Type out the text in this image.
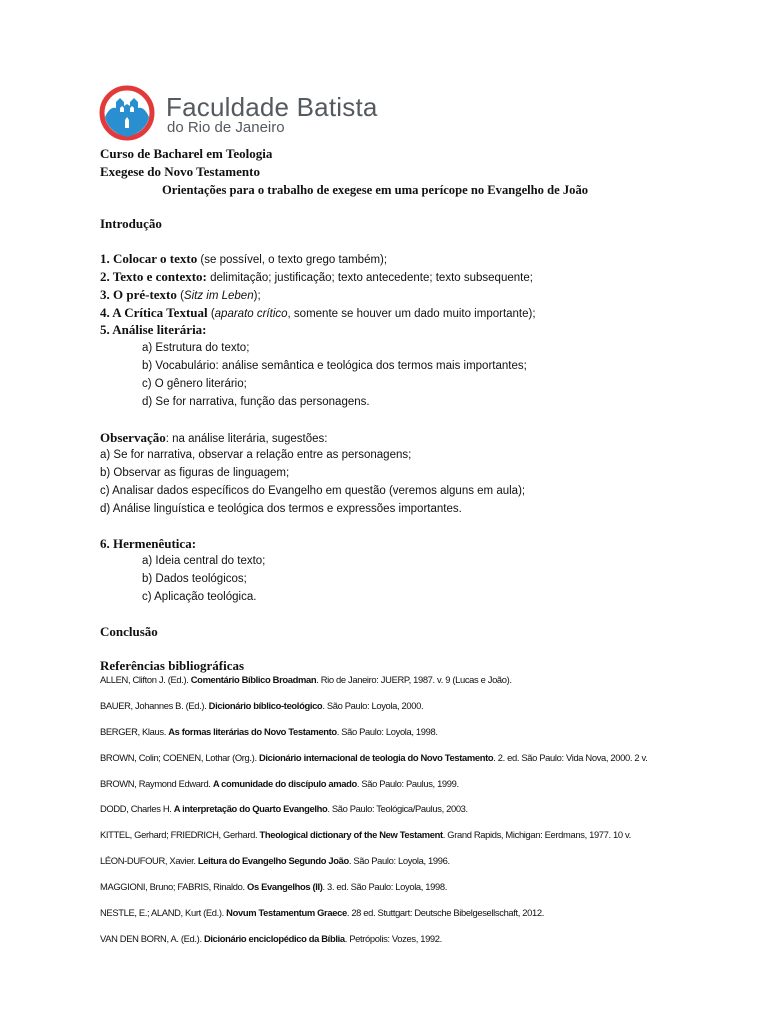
Faculdade Batista
do Rio de Janeiro
Curso de Bacharel em Teologia
Exegese do Novo Testamento
Orientações para o trabalho de exegese em uma perícope no Evangelho de João
Introdução
1. Colocar o texto (se possível, o texto grego também);
2. Texto e contexto: delimitação; justificação; texto antecedente; texto subsequente;
3. O pré-texto (Sitz im Leben);
4. A Crítica Textual (aparato crítico, somente se houver um dado muito importante);
5. Análise literária:
a) Estrutura do texto;
b) Vocabulário: análise semântica e teológica dos termos mais importantes;
c) O gênero literário;
d) Se for narrativa, função das personagens.
Observação: na análise literária, sugestões:
a) Se for narrativa, observar a relação entre as personagens;
b) Observar as figuras de linguagem;
c) Analisar dados específicos do Evangelho em questão (veremos alguns em aula);
d) Análise linguística e teológica dos termos e expressões importantes.
6. Hermenêutica:
a) Ideia central do texto;
b) Dados teológicos;
c) Aplicação teológica.
Conclusão
Referências bibliográficas
ALLEN, Clifton J. (Ed.). Comentário Bíblico Broadman. Rio de Janeiro: JUERP, 1987. v. 9 (Lucas e João).
BAUER, Johannes B. (Ed.). Dicionário bíblico-teológico. São Paulo: Loyola, 2000.
BERGER, Klaus. As formas literárias do Novo Testamento. São Paulo: Loyola, 1998.
BROWN, Colin; COENEN, Lothar (Org.). Dicionário internacional de teologia do Novo Testamento. 2. ed. São Paulo: Vida Nova, 2000. 2 v.
BROWN, Raymond Edward. A comunidade do discípulo amado. São Paulo: Paulus, 1999.
DODD, Charles H. A interpretação do Quarto Evangelho. São Paulo: Teológica/Paulus, 2003.
KITTEL, Gerhard; FRIEDRICH, Gerhard. Theological dictionary of the New Testament. Grand Rapids, Michigan: Eerdmans, 1977. 10 v.
LÉON-DUFOUR, Xavier. Leitura do Evangelho Segundo João. São Paulo: Loyola, 1996.
MAGGIONI, Bruno; FABRIS, Rinaldo. Os Evangelhos (II). 3. ed. São Paulo: Loyola, 1998.
NESTLE, E.; ALAND, Kurt (Ed.). Novum Testamentum Graece. 28 ed. Stuttgart: Deutsche Bibelgesellschaft, 2012.
VAN DEN BORN, A. (Ed.). Dicionário enciclopédico da Bíblia. Petrópolis: Vozes, 1992.
